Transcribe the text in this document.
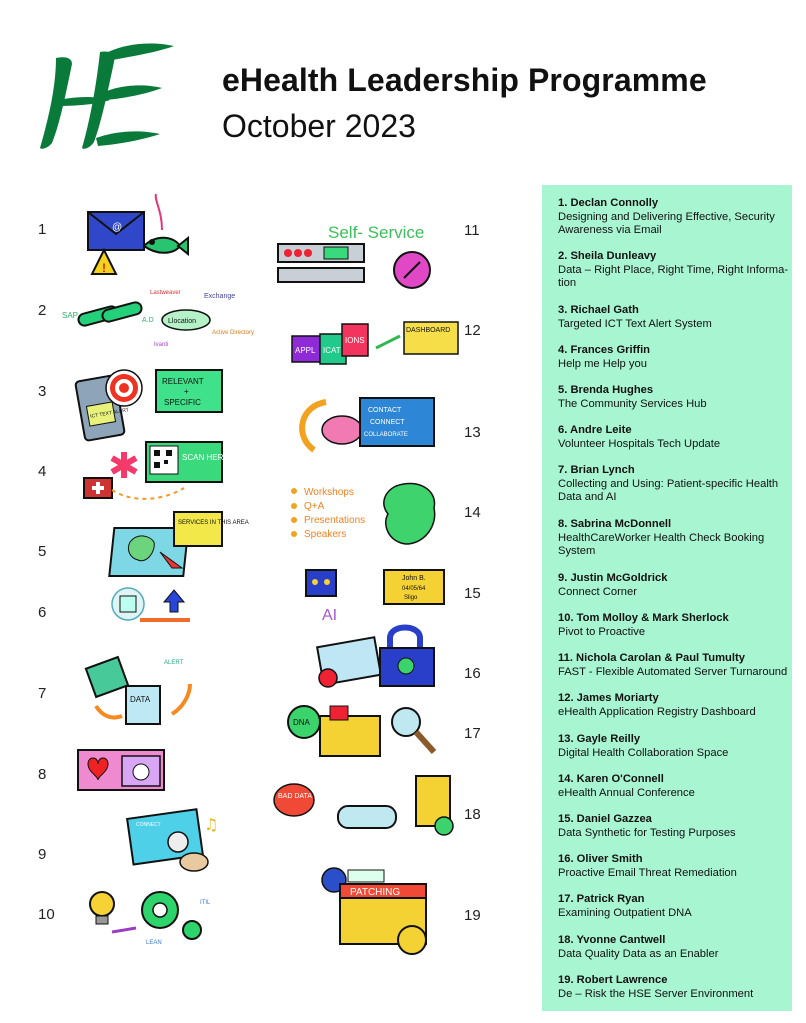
eHealth Leadership Programme
October 2023
1
2
3
4
5
6
7
8
9
10
11
12
13
14
15
16
17
18
19
@
!
SAP
A.D
Lastweaver	Exchange
Llocation
Ivanti
Active Directory
ICT TEXT ALERT
RELEVANT
+
SPECIFIC
SCAN HERE
SERVICES IN THIS AREA
DATA
ALERT
CONNECT	♫
LEAN
ITIL
Self- Service
APPL ICAT
IONS
DASHBOARD
CONTACT
CONNECT
COLLABORATE
Workshops
Q+A
Presentations
Speakers
AI
John B.
04/05/64
Sligo
DNA
BAD DATA
PATCHING
1. Declan Connolly
Designing and Delivering Effective, Security Awareness via Email
2. Sheila Dunleavy
Data – Right Place, Right Time, Right Informa-tion
3. Richael Gath
Targeted ICT Text Alert System
4. Frances Griffin
Help me Help you
5. Brenda Hughes
The Community Services Hub
6. Andre Leite
Volunteer Hospitals Tech Update
7. Brian Lynch
Collecting and Using: Patient-specific Health Data and AI
8. Sabrina McDonnell
HealthCareWorker Health Check Booking System
9. Justin McGoldrick
Connect Corner
10. Tom Molloy & Mark Sherlock
Pivot to Proactive
11. Nichola Carolan & Paul Tumulty
FAST - Flexible Automated Server Turnaround
12. James Moriarty
eHealth Application Registry Dashboard
13. Gayle Reilly
Digital Health Collaboration Space
14. Karen O'Connell
eHealth Annual Conference
15. Daniel Gazzea
Data Synthetic for Testing Purposes
16. Oliver Smith
Proactive Email Threat Remediation
17. Patrick Ryan
Examining Outpatient DNA
18. Yvonne Cantwell
Data Quality Data as an Enabler
19. Robert Lawrence
De – Risk the HSE Server Environment
